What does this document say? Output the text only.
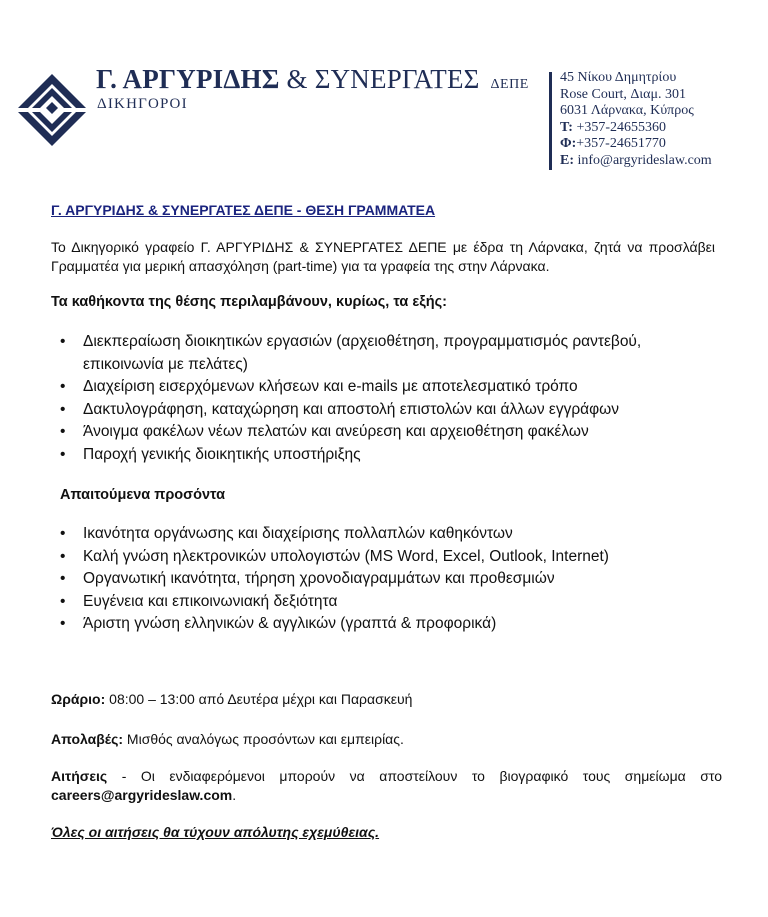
Γ. ΑΡΓΥΡΙΔΗΣ & ΣΥΝΕΡΓΑΤΕΣ ΔΕΠΕ
ΔΙΚΗΓΟΡΟΙ
45 Νίκου Δημητρίου
Rose Court, Διαμ. 301
6031 Λάρνακα, Κύπρος
Τ: +357-24655360
Φ:+357-24651770
E: info@argyrideslaw.com
Γ. ΑΡΓΥΡΙΔΗΣ & ΣΥΝΕΡΓΑΤΕΣ ΔΕΠΕ - ΘΕΣΗ ΓΡΑΜΜΑΤΕΑ
Το Δικηγορικό γραφείο Γ. ΑΡΓΥΡΙΔΗΣ & ΣΥΝΕΡΓΑΤΕΣ ΔΕΠΕ με έδρα τη Λάρνακα, ζητά να προσλάβει Γραμματέα για μερική απασχόληση (part-time) για τα γραφεία της στην Λάρνακα.
Τα καθήκοντα της θέσης περιλαμβάνουν, κυρίως, τα εξής:
• Διεκπεραίωση διοικητικών εργασιών (αρχειοθέτηση, προγραμματισμός ραντεβού, επικοινωνία με πελάτες)
• Διαχείριση εισερχόμενων κλήσεων και e-mails με αποτελεσματικό τρόπο
• Δακτυλογράφηση, καταχώρηση και αποστολή επιστολών και άλλων εγγράφων
• Άνοιγμα φακέλων νέων πελατών και ανεύρεση και αρχειοθέτηση φακέλων
• Παροχή γενικής διοικητικής υποστήριξης
Απαιτούμενα προσόντα
• Ικανότητα οργάνωσης και διαχείρισης πολλαπλών καθηκόντων
• Καλή γνώση ηλεκτρονικών υπολογιστών (MS Word, Excel, Outlook, Internet)
• Οργανωτική ικανότητα, τήρηση χρονοδιαγραμμάτων και προθεσμιών
• Ευγένεια και επικοινωνιακή δεξιότητα
• Άριστη γνώση ελληνικών & αγγλικών (γραπτά & προφορικά)
Ωράριο: 08:00 – 13:00 από Δευτέρα μέχρι και Παρασκευή
Απολαβές: Μισθός αναλόγως προσόντων και εμπειρίας.
Αιτήσεις - Οι ενδιαφερόμενοι μπορούν να αποστείλουν το βιογραφικό τους σημείωμα στο careers@argyrideslaw.com.
Όλες οι αιτήσεις θα τύχουν απόλυτης εχεμύθειας.
